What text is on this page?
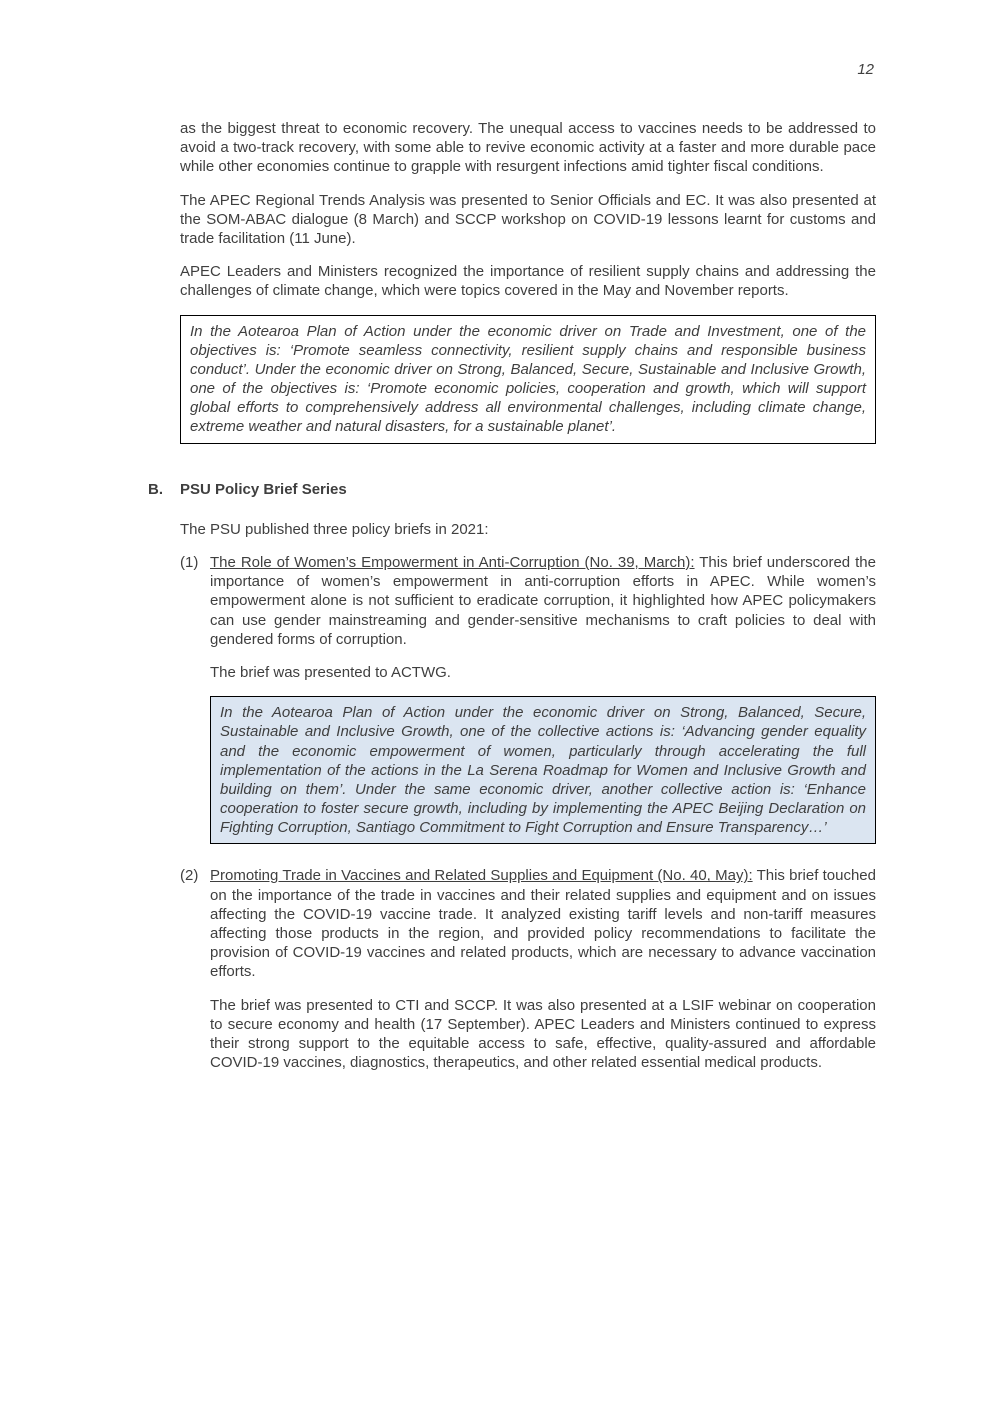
12

as the biggest threat to economic recovery. The unequal access to vaccines needs to be addressed to avoid a two-track recovery, with some able to revive economic activity at a faster and more durable pace while other economies continue to grapple with resurgent infections amid tighter fiscal conditions.

The APEC Regional Trends Analysis was presented to Senior Officials and EC. It was also presented at the SOM-ABAC dialogue (8 March) and SCCP workshop on COVID-19 lessons learnt for customs and trade facilitation (11 June).

APEC Leaders and Ministers recognized the importance of resilient supply chains and addressing the challenges of climate change, which were topics covered in the May and November reports.

In the Aotearoa Plan of Action under the economic driver on Trade and Investment, one of the objectives is: ‘Promote seamless connectivity, resilient supply chains and responsible business conduct’. Under the economic driver on Strong, Balanced, Secure, Sustainable and Inclusive Growth, one of the objectives is: ‘Promote economic policies, cooperation and growth, which will support global efforts to comprehensively address all environmental challenges, including climate change, extreme weather and natural disasters, for a sustainable planet’.

B.	PSU Policy Brief Series

The PSU published three policy briefs in 2021:

(1) The Role of Women’s Empowerment in Anti-Corruption (No. 39, March): This brief underscored the importance of women’s empowerment in anti-corruption efforts in APEC. While women’s empowerment alone is not sufficient to eradicate corruption, it highlighted how APEC policymakers can use gender mainstreaming and gender-sensitive mechanisms to craft policies to deal with gendered forms of corruption.

The brief was presented to ACTWG.

In the Aotearoa Plan of Action under the economic driver on Strong, Balanced, Secure, Sustainable and Inclusive Growth, one of the collective actions is: ‘Advancing gender equality and the economic empowerment of women, particularly through accelerating the full implementation of the actions in the La Serena Roadmap for Women and Inclusive Growth and building on them’. Under the same economic driver, another collective action is: ‘Enhance cooperation to foster secure growth, including by implementing the APEC Beijing Declaration on Fighting Corruption, Santiago Commitment to Fight Corruption and Ensure Transparency…’

(2) Promoting Trade in Vaccines and Related Supplies and Equipment (No. 40, May): This brief touched on the importance of the trade in vaccines and their related supplies and equipment and on issues affecting the COVID-19 vaccine trade. It analyzed existing tariff levels and non-tariff measures affecting those products in the region, and provided policy recommendations to facilitate the provision of COVID-19 vaccines and related products, which are necessary to advance vaccination efforts.

The brief was presented to CTI and SCCP. It was also presented at a LSIF webinar on cooperation to secure economy and health (17 September). APEC Leaders and Ministers continued to express their strong support to the equitable access to safe, effective, quality-assured and affordable COVID-19 vaccines, diagnostics, therapeutics, and other related essential medical products.
